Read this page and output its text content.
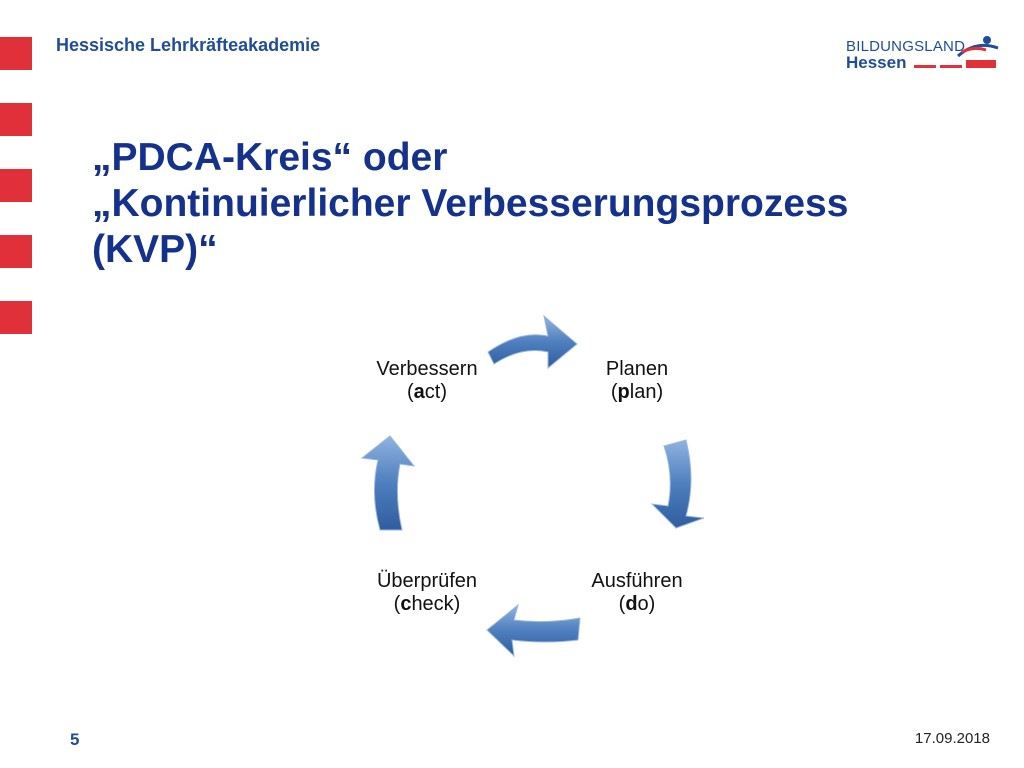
Hessische Lehrkräfteakademie	BILDUNGSLAND
Hessen
„PDCA-Kreis“ oder
„Kontinuierlicher Verbesserungsprozess
(KVP)“
Planen
(plan)
Ausführen
(do)
Überprüfen
(check)
Verbessern
(act)
5	17.09.2018
